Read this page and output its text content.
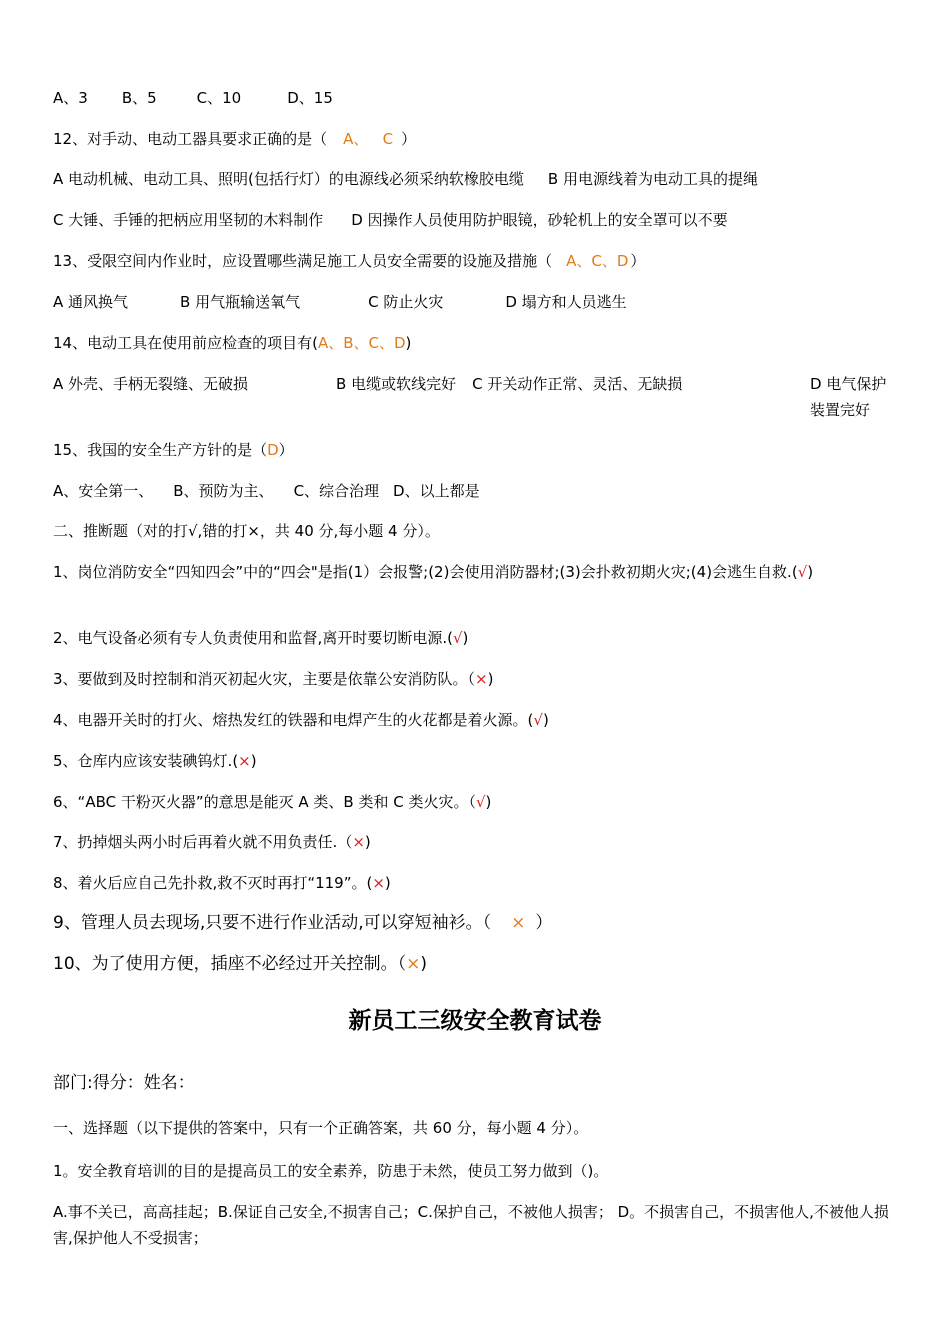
A、3 B、5	C、10	D、15
12、对手动、电动工器具要求正确的是（ A、   C ）
A 电动机械、电动工具、照明(包括行灯）的电源线必须采纳软橡胶电缆 B 用电源线着为电动工具的提绳
C 大锤、手锤的把柄应用坚韧的木料制作 D 因操作人员使用防护眼镜，砂轮机上的安全罩可以不要
13、受限空间内作业时，应设置哪些满足施工人员安全需要的设施及措施（ A、C、D ）
A 通风换气	B 用气瓶输送氧气	C 防止火灾	D 塌方和人员逃生
14、电动工具在使用前应检查的项目有(A、B、C、D)
A 外壳、手柄无裂缝、无破损	B 电缆或软线完好 C 开关动作正常、灵活、无缺损	D 电气保护装置完好
15、我国的安全生产方针的是（D）
A、安全第一、 B、预防为主、 C、综合治理 D、以上都是
二、推断题（对的打√,错的打×，共 40 分,每小题 4 分）。
1、岗位消防安全“四知四会”中的“四会"是指(1）会报警;(2)会使用消防器材;(3)会扑救初期火灾;(4)会逃生自救.(√)
2、电气设备必须有专人负责使用和监督,离开时要切断电源.(√)
3、要做到及时控制和消灭初起火灾，主要是依靠公安消防队。（×)
4、电器开关时的打火、熔热发红的铁器和电焊产生的火花都是着火源。(√)
5、仓库内应该安装碘钨灯.(×)
6、“ABC 干粉灭火器”的意思是能灭 A 类、B 类和 C 类火灾。（√)
7、扔掉烟头两小时后再着火就不用负责任.（×)
8、着火后应自己先扑救,救不灭时再打“119”。(×)
9、管理人员去现场,只要不进行作业活动,可以穿短袖衫。（ × ）
10、为了使用方便，插座不必经过开关控制。（×)
新员工三级安全教育试卷
部门:得分：姓名：
一、选择题（以下提供的答案中，只有一个正确答案，共 60 分，每小题 4 分）。
1。安全教育培训的目的是提高员工的安全素养，防患于未然，使员工努力做到（)。
A.事不关已，高高挂起；B.保证自己安全,不损害自己；C.保护自己，不被他人损害； D。不损害自己，不损害他人,不被他人损害,保护他人不受损害；
